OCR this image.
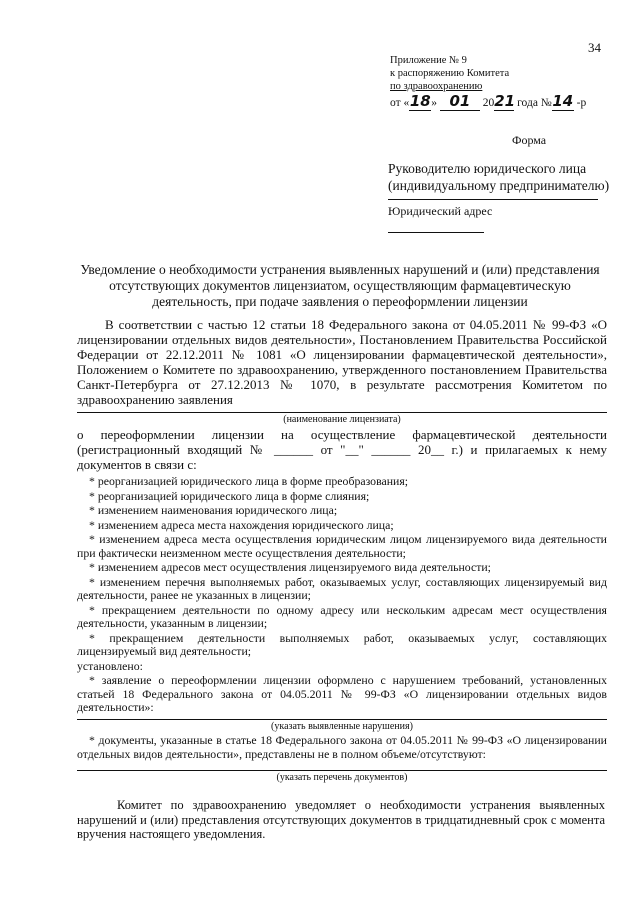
34
Приложение № 9
к распоряжению Комитета
по здравоохранению
от «18» 01 2021 года №14 -р
Форма
Руководителю юридического лица
(индивидуальному предпринимателю)
Юридический адрес
Уведомление о необходимости устранения выявленных нарушений и (или) представления отсутствующих документов лицензиатом, осуществляющим фармацевтическую деятельность, при подаче заявления о переоформлении лицензии
В соответствии с частью 12 статьи 18 Федерального закона от 04.05.2011 № 99-ФЗ «О лицензировании отдельных видов деятельности», Постановлением Правительства Российской Федерации от 22.12.2011 № 1081 «О лицензировании фармацевтической деятельности», Положением о Комитете по здравоохранению, утвержденного постановлением Правительства Санкт-Петербурга от 27.12.2013 № 1070, в результате рассмотрения Комитетом по здравоохранению заявления
(наименование лицензиата)
о переоформлении лицензии на осуществление фармацевтической деятельности (регистрационный входящий № ______ от "__" ______ 20__ г.) и прилагаемых к нему документов в связи с:
* реорганизацией юридического лица в форме преобразования;
* реорганизацией юридического лица в форме слияния;
* изменением наименования юридического лица;
* изменением адреса места нахождения юридического лица;
* изменением адреса места осуществления юридическим лицом лицензируемого вида деятельности при фактически неизменном месте осуществления деятельности;
* изменением адресов мест осуществления лицензируемого вида деятельности;
* изменением перечня выполняемых работ, оказываемых услуг, составляющих лицензируемый вид деятельности, ранее не указанных в лицензии;
* прекращением деятельности по одному адресу или нескольким адресам мест осуществления деятельности, указанным в лицензии;
* прекращением деятельности выполняемых работ, оказываемых услуг, составляющих лицензируемый вид деятельности;
установлено:
* заявление о переоформлении лицензии оформлено с нарушением требований, установленных статьей 18 Федерального закона от 04.05.2011 № 99-ФЗ «О лицензировании отдельных видов деятельности»:
(указать выявленные нарушения)
* документы, указанные в статье 18 Федерального закона от 04.05.2011 № 99-ФЗ «О лицензировании отдельных видов деятельности», представлены не в полном объеме/отсутствуют:
(указать перечень документов)
Комитет по здравоохранению уведомляет о необходимости устранения выявленных нарушений и (или) представления отсутствующих документов в тридцатидневный срок с момента вручения настоящего уведомления.
